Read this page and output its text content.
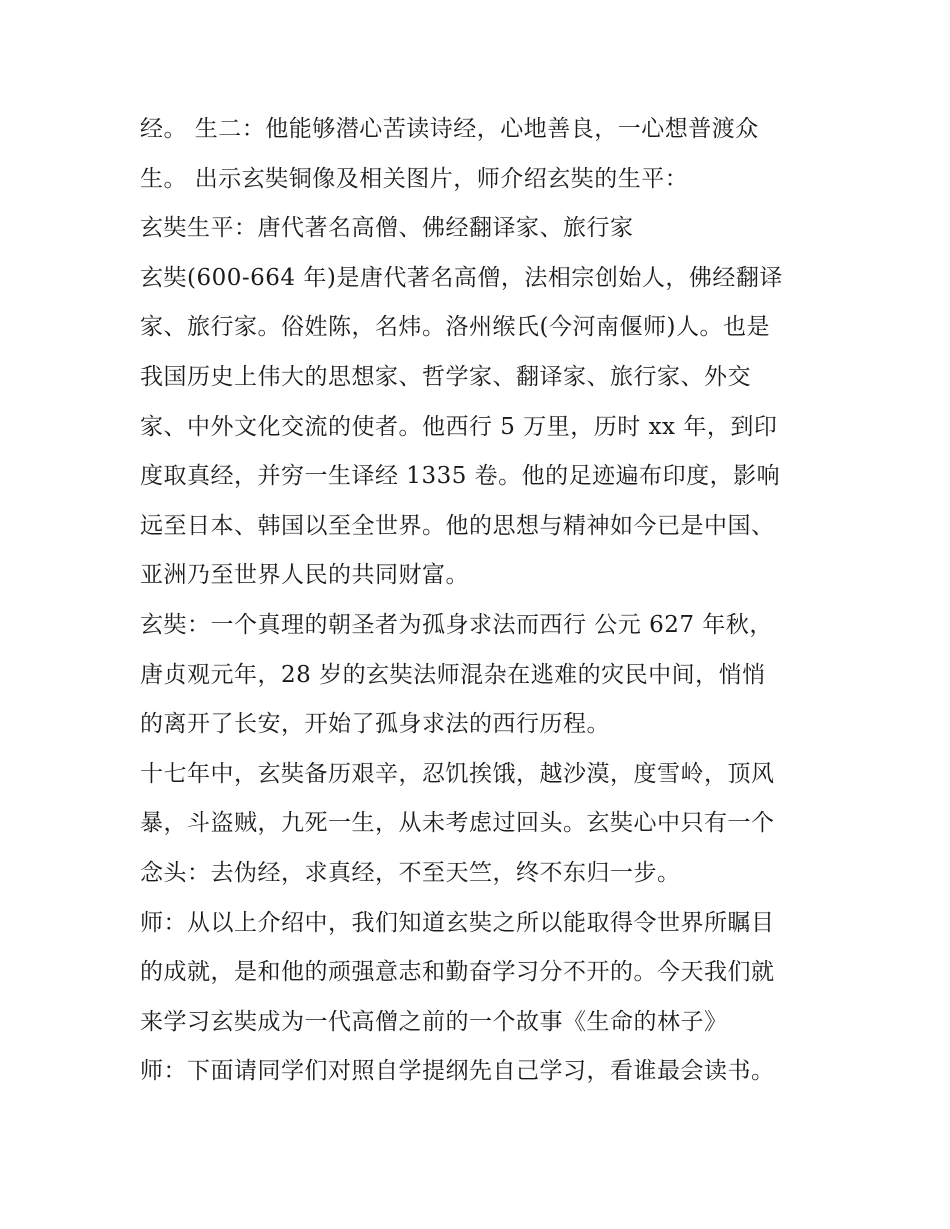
经。 生二：他能够潜心苦读诗经，心地善良，一心想普渡众
生。 出示玄奘铜像及相关图片，师介绍玄奘的生平：
玄奘生平：唐代著名高僧、佛经翻译家、旅行家
玄奘(600-664 年)是唐代著名高僧，法相宗创始人，佛经翻译
家、旅行家。俗姓陈，名炜。洛州缑氏(今河南偃师)人。也是
我国历史上伟大的思想家、哲学家、翻译家、旅行家、外交
家、中外文化交流的使者。他西行 5 万里，历时 xx 年，到印
度取真经，并穷一生译经 1335 卷。他的足迹遍布印度，影响
远至日本、韩国以至全世界。他的思想与精神如今已是中国、
亚洲乃至世界人民的共同财富。
玄奘：一个真理的朝圣者为孤身求法而西行 公元 627 年秋，
唐贞观元年，28 岁的玄奘法师混杂在逃难的灾民中间，悄悄
的离开了长安，开始了孤身求法的西行历程。
十七年中，玄奘备历艰辛，忍饥挨饿，越沙漠，度雪岭，顶风
暴，斗盗贼，九死一生，从未考虑过回头。玄奘心中只有一个
念头：去伪经，求真经，不至天竺，终不东归一步。
师：从以上介绍中，我们知道玄奘之所以能取得令世界所瞩目
的成就，是和他的顽强意志和勤奋学习分不开的。今天我们就
来学习玄奘成为一代高僧之前的一个故事《生命的林子》
师：下面请同学们对照自学提纲先自己学习，看谁最会读书。
